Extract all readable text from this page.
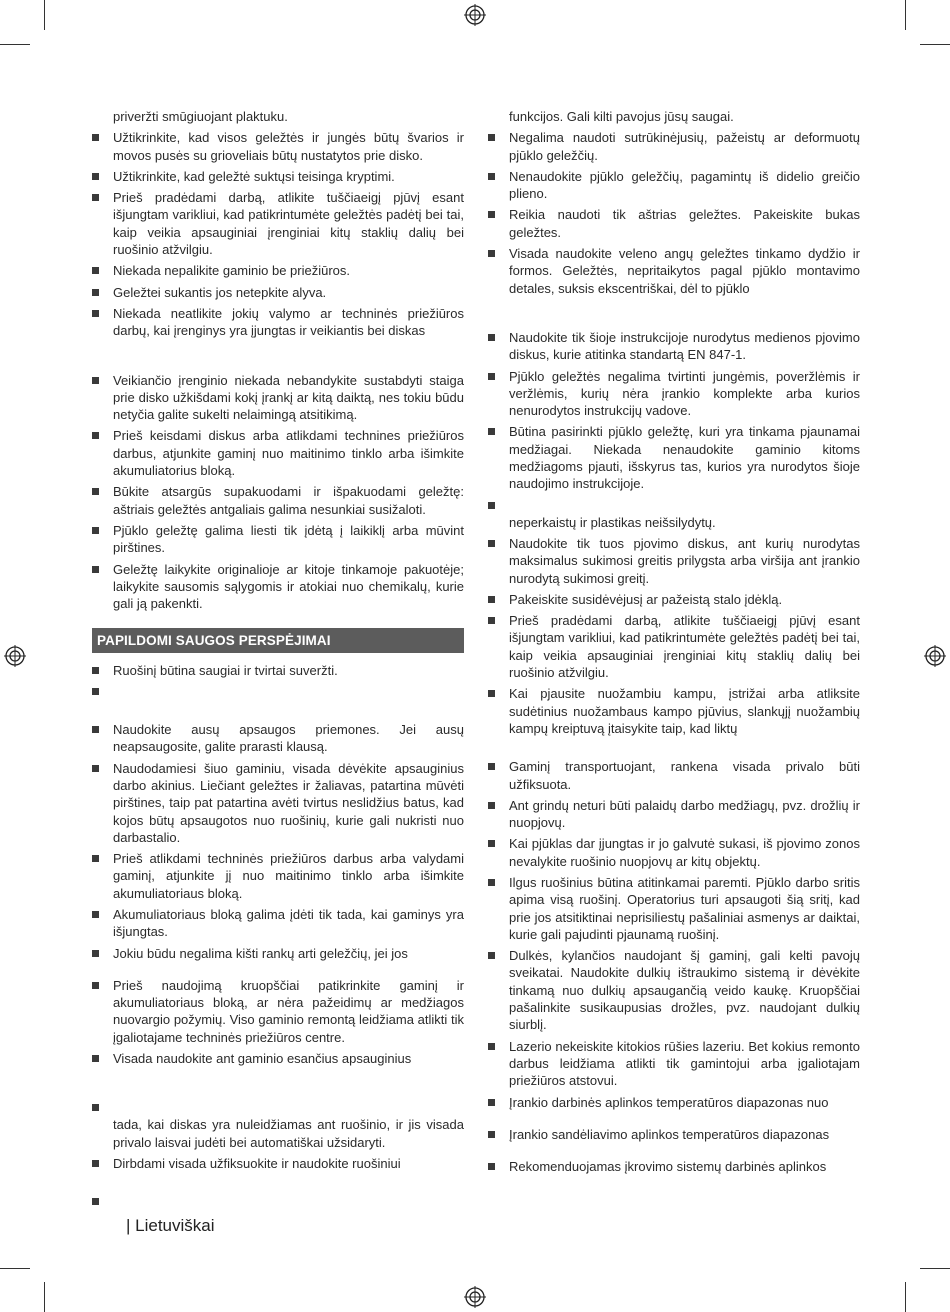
priveržti smūgiuojant plaktuku.

Užtikrinkite, kad visos geležtės ir jungės būtų švarios ir movos pusės su grioveliais būtų nustatytos prie disko.

Užtikrinkite, kad geležtė suktųsi teisinga kryptimi.

Prieš pradėdami darbą, atlikite tuščiaeigį pjūvį esant išjungtam varikliui, kad patikrintumėte geležtės padėtį bei tai, kaip veikia apsauginiai įrenginiai kitų staklių dalių bei ruošinio atžvilgiu.

Niekada nepalikite gaminio be priežiūros.

Geležtei sukantis jos netepkite alyva.

Niekada neatlikite jokių valymo ar techninės priežiūros darbų, kai įrenginys yra įjungtas ir veikiantis bei diskas

Veikiančio įrenginio niekada nebandykite sustabdyti staiga prie disko užkišdami kokį įrankį ar kitą daiktą, nes tokiu būdu netyčia galite sukelti nelaimingą atsitikimą.

Prieš keisdami diskus arba atlikdami technines priežiūros darbus, atjunkite gaminį nuo maitinimo tinklo arba išimkite akumuliatorius bloką.

Būkite atsargūs supakuodami ir išpakuodami geležtę: aštriais geležtės antgaliais galima nesunkiai susižaloti.

Pjūklo geležtę galima liesti tik įdėtą į laikiklį arba mūvint pirštines.

Geležtę laikykite originalioje ar kitoje tinkamoje pakuotėje; laikykite sausomis sąlygomis ir atokiai nuo chemikalų, kurie gali ją pakenkti.

PAPILDOMI SAUGOS PERSPĖJIMAI

Ruošinį būtina saugiai ir tvirtai suveržti.

Naudokite ausų apsaugos priemones. Jei ausų neapsaugosite, galite prarasti klausą.

Naudodamiesi šiuo gaminiu, visada dėvėkite apsauginius darbo akinius. Liečiant geležtes ir žaliavas, patartina mūvėti pirštines, taip pat patartina avėti tvirtus neslidžius batus, kad kojos būtų apsaugotos nuo ruošinių, kurie gali nukristi nuo darbastalio.

Prieš atlikdami techninės priežiūros darbus arba valydami gaminį, atjunkite jį nuo maitinimo tinklo arba išimkite akumuliatoriaus bloką.

Akumuliatoriaus bloką galima įdėti tik tada, kai gaminys yra išjungtas.

Jokiu būdu negalima kišti rankų arti geležčių, jei jos

Prieš naudojimą kruopščiai patikrinkite gaminį ir akumuliatoriaus bloką, ar nėra pažeidimų ar medžiagos nuovargio požymių. Viso gaminio remontą leidžiama atlikti tik įgaliotajame techninės priežiūros centre.

Visada naudokite ant gaminio esančius apsauginius

tada, kai diskas yra nuleidžiamas ant ruošinio, ir jis visada privalo laisvai judėti bei automatiškai užsidaryti.

Dirbdami visada užfiksuokite ir naudokite ruošiniui

funkcijos. Gali kilti pavojus jūsų saugai.

Negalima naudoti sutrūkinėjusių, pažeistų ar deformuotų pjūklo geležčių.

Nenaudokite pjūklo geležčių, pagamintų iš didelio greičio plieno.

Reikia naudoti tik aštrias geležtes. Pakeiskite bukas geležtes.

Visada naudokite veleno angų geležtes tinkamo dydžio ir formos. Geležtės, nepritaikytos pagal pjūklo montavimo detales, suksis ekscentriškai, dėl to pjūklo

Naudokite tik šioje instrukcijoje nurodytus medienos pjovimo diskus, kurie atitinka standartą EN 847-1.

Pjūklo geležtės negalima tvirtinti jungėmis, poveržlėmis ir veržlėmis, kurių nėra įrankio komplekte arba kurios nenurodytos instrukcijų vadove.

Būtina pasirinkti pjūklo geležtę, kuri yra tinkama pjaunamai medžiagai. Niekada nenaudokite gaminio kitoms medžiagoms pjauti, išskyrus tas, kurios yra nurodytos šioje naudojimo instrukcijoje.

neperkaistų ir plastikas neišsilydytų.

Naudokite tik tuos pjovimo diskus, ant kurių nurodytas maksimalus sukimosi greitis prilygsta arba viršija ant įrankio nurodytą sukimosi greitį.

Pakeiskite susidėvėjusį ar pažeistą stalo įdėklą.

Prieš pradėdami darbą, atlikite tuščiaeigį pjūvį esant išjungtam varikliui, kad patikrintumėte geležtės padėtį bei tai, kaip veikia apsauginiai įrenginiai kitų staklių dalių bei ruošinio atžvilgiu.

Kai pjausite nuožambiu kampu, įstrižai arba atliksite sudėtinius nuožambaus kampo pjūvius, slankųjį nuožambių kampų kreiptuvą įtaisykite taip, kad liktų

Gaminį transportuojant, rankena visada privalo būti užfiksuota.

Ant grindų neturi būti palaidų darbo medžiagų, pvz. drožlių ir nuopjovų.

Kai pjūklas dar įjungtas ir jo galvutė sukasi, iš pjovimo zonos nevalykite ruošinio nuopjovų ar kitų objektų.

Ilgus ruošinius būtina atitinkamai paremti. Pjūklo darbo sritis apima visą ruošinį. Operatorius turi apsaugoti šią sritį, kad prie jos atsitiktinai neprisiliestų pašaliniai asmenys ar daiktai, kurie gali pajudinti pjaunamą ruošinį.

Dulkės, kylančios naudojant šį gaminį, gali kelti pavojų sveikatai. Naudokite dulkių ištraukimo sistemą ir dėvėkite tinkamą nuo dulkių apsaugančią veido kaukę. Kruopščiai pašalinkite susikaupusias drožles, pvz. naudojant dulkių siurblį.

Lazerio nekeiskite kitokios rūšies lazeriu. Bet kokius remonto darbus leidžiama atlikti tik gamintojui arba įgaliotajam priežiūros atstovui.

Įrankio darbinės aplinkos temperatūros diapazonas nuo

Įrankio sandėliavimo aplinkos temperatūros diapazonas

Rekomenduojamas įkrovimo sistemų darbinės aplinkos

| Lietuviškai
